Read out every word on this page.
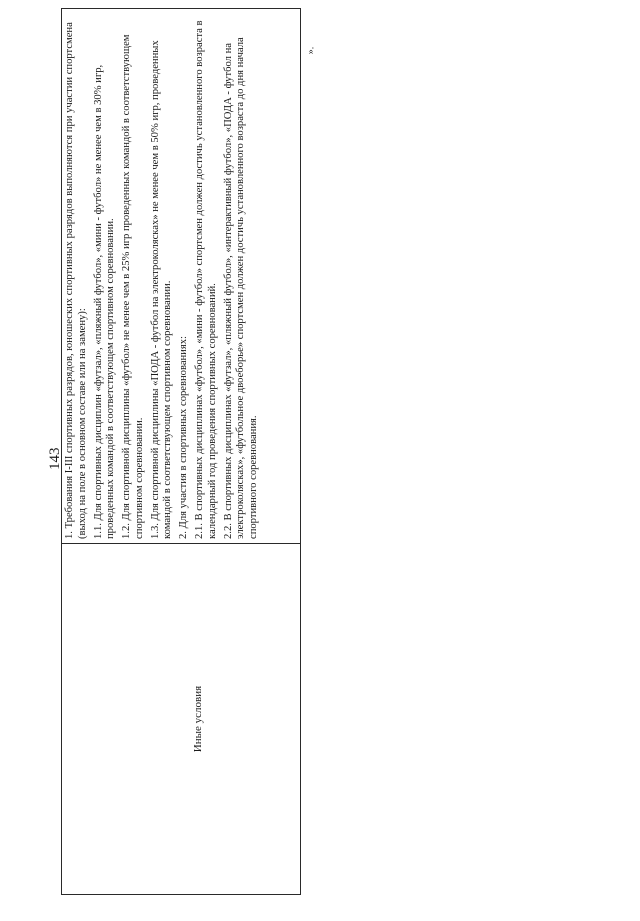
143
Иные условия	

1. Требования I-III спортивных разрядов, юношеских спортивных разрядов выполняются при участии спортсмена (выход на поле в основном составе или на замену): 1.1. Для спортивных дисциплин «футзал», «пляжный футбол», «мини - футбол» не менее чем в 30% игр, проведенных командой в соответствующем спортивном соревновании. 1.2. Для спортивной дисциплины «футбол» не менее чем в 25% игр проведенных командой в соответствующем спортивном соревновании. 1.3. Для спортивной дисциплины «ПОДА - футбол на электроколясках» не менее чем в 50% игр, проведенных командой в соответствующем спортивном соревновании. 2. Для участия в спортивных соревнованиях: 2.1. В спортивных дисциплинах «футбол», «мини - футбол» спортсмен должен достичь установленного возраста в календарный год проведения спортивных соревнований. 2.2. В спортивных дисциплинах «футзал», «пляжный футбол», «интерактивный футбол», «ПОДА - футбол на электроколясках», «футбольное двоеборье» спортсмен должен достичь установленного возраста до дня начала спортивного соревнования.

».
